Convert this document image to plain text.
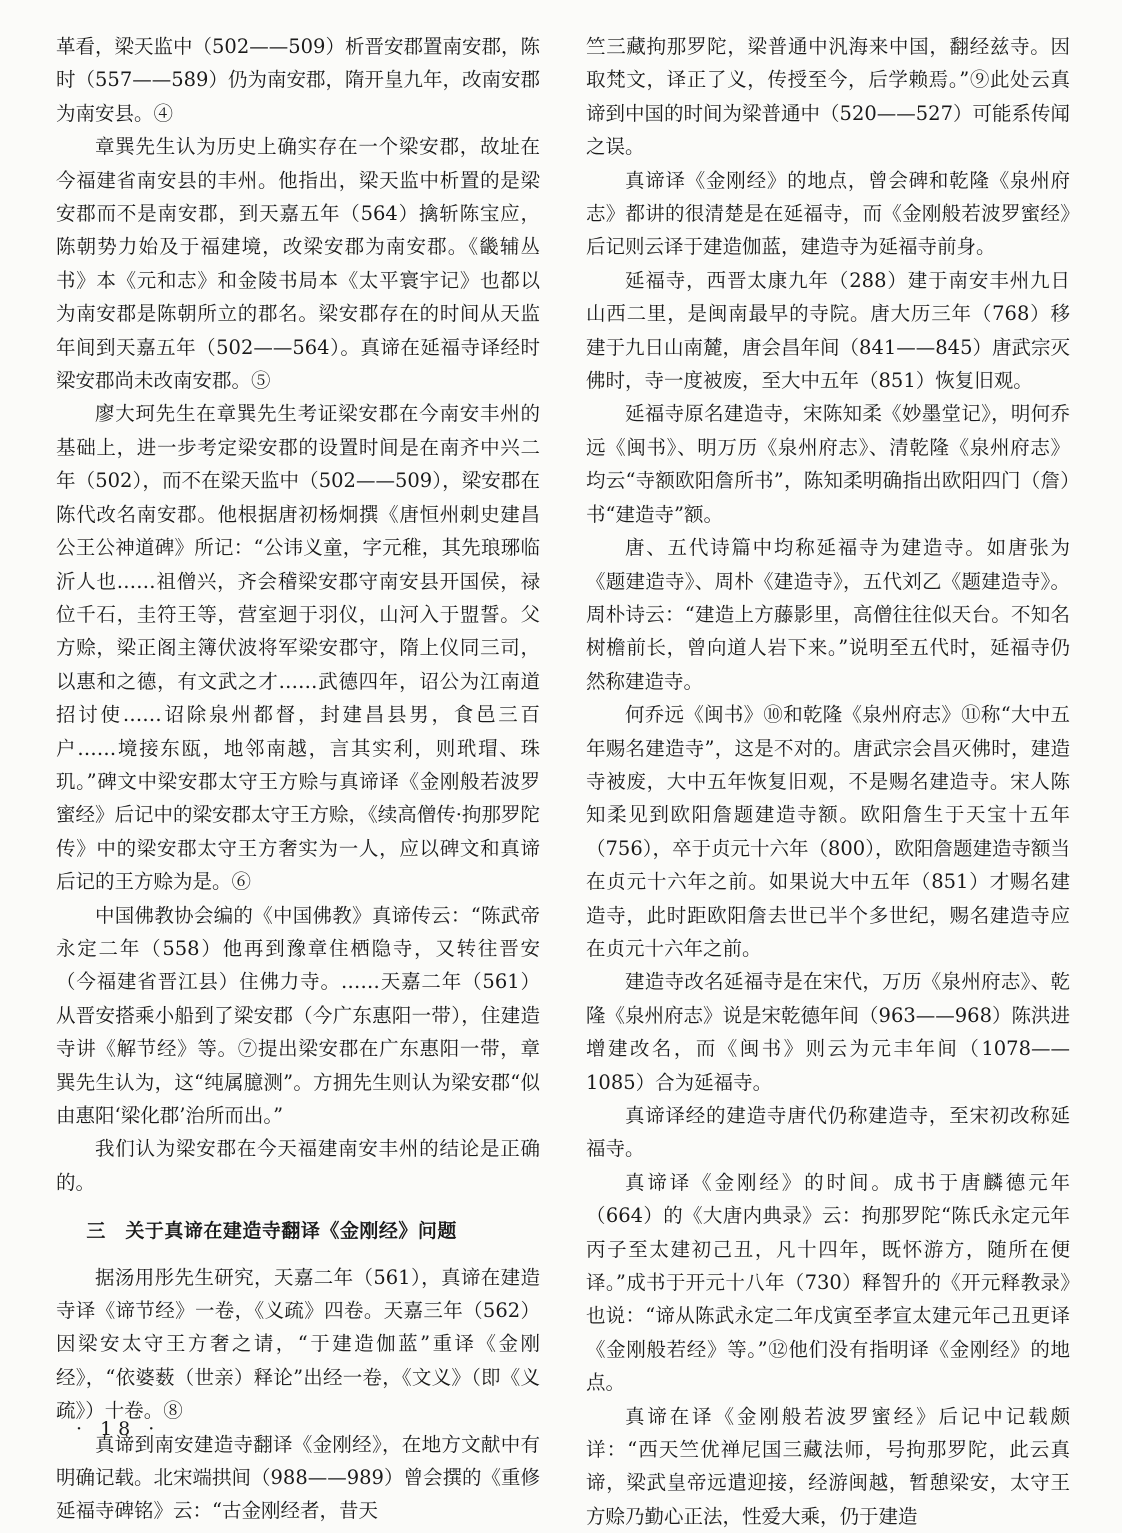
革看，梁天监中（502——509）析晋安郡置南安郡，陈时（557——589）仍为南安郡，隋开皇九年，改南安郡为南安县。④

章巽先生认为历史上确实存在一个梁安郡，故址在今福建省南安县的丰州。他指出，梁天监中析置的是梁安郡而不是南安郡，到天嘉五年（564）擒斩陈宝应，陈朝势力始及于福建境，改梁安郡为南安郡。《畿辅丛书》本《元和志》和金陵书局本《太平寰宇记》也都以为南安郡是陈朝所立的郡名。梁安郡存在的时间从天监年间到天嘉五年（502——564）。真谛在延福寺译经时梁安郡尚未改南安郡。⑤

廖大珂先生在章巽先生考证梁安郡在今南安丰州的基础上，进一步考定梁安郡的设置时间是在南齐中兴二年（502），而不在梁天监中（502——509），梁安郡在陈代改名南安郡。他根据唐初杨炯撰《唐恒州刺史建昌公王公神道碑》所记：“公讳义童，字元稚，其先琅琊临沂人也……祖僧兴，齐会稽梁安郡守南安县开国侯，禄位千石，圭符王等，营室迴于羽仪，山河入于盟誓。父方赊，梁正阁主簿伏波将军梁安郡守，隋上仪同三司，以惠和之德，有文武之才……武德四年，诏公为江南道招讨使……诏除泉州都督，封建昌县男，食邑三百户……境接东瓯，地邻南越，言其实利，则玳瑁、珠玑。”碑文中梁安郡太守王方赊与真谛译《金刚般若波罗蜜经》后记中的梁安郡太守王方赊，《续高僧传·拘那罗陀传》中的梁安郡太守王方奢实为一人，应以碑文和真谛后记的王方赊为是。⑥

中国佛教协会编的《中国佛教》真谛传云：“陈武帝永定二年（558）他再到豫章住栖隐寺，又转往晋安（今福建省晋江县）住佛力寺。……天嘉二年（561）从晋安搭乘小船到了梁安郡（今广东惠阳一带），住建造寺讲《解节经》等。⑦提出梁安郡在广东惠阳一带，章巽先生认为，这“纯属臆测”。方拥先生则认为梁安郡“似由惠阳‘梁化郡’治所而出。”

我们认为梁安郡在今天福建南安丰州的结论是正确的。

三　关于真谛在建造寺翻译《金刚经》问题

据汤用彤先生研究，天嘉二年（561），真谛在建造寺译《谛节经》一卷，《义疏》四卷。天嘉三年（562）因梁安太守王方奢之请，“于建造伽蓝”重译《金刚经》，“依婆薮（世亲）释论”出经一卷，《文义》（即《义疏》）十卷。⑧

真谛到南安建造寺翻译《金刚经》，在地方文献中有明确记载。北宋端拱间（988——989）曾会撰的《重修延福寺碑铭》云：“古金刚经者，昔天

竺三藏拘那罗陀，梁普通中汎海来中国，翻经兹寺。因取梵文，译正了义，传授至今，后学赖焉。”⑨此处云真谛到中国的时间为梁普通中（520——527）可能系传闻之误。

真谛译《金刚经》的地点，曾会碑和乾隆《泉州府志》都讲的很清楚是在延福寺，而《金刚般若波罗蜜经》后记则云译于建造伽蓝，建造寺为延福寺前身。

延福寺，西晋太康九年（288）建于南安丰州九日山西二里，是闽南最早的寺院。唐大历三年（768）移建于九日山南麓，唐会昌年间（841——845）唐武宗灭佛时，寺一度被废，至大中五年（851）恢复旧观。

延福寺原名建造寺，宋陈知柔《妙墨堂记》，明何乔远《闽书》、明万历《泉州府志》、清乾隆《泉州府志》均云“寺额欧阳詹所书”，陈知柔明确指出欧阳四门（詹）书“建造寺”额。

唐、五代诗篇中均称延福寺为建造寺。如唐张为《题建造寺》、周朴《建造寺》，五代刘乙《题建造寺》。周朴诗云：“建造上方藤影里，高僧往往似天台。不知名树檐前长，曾向道人岩下来。”说明至五代时，延福寺仍然称建造寺。

何乔远《闽书》⑩和乾隆《泉州府志》⑪称“大中五年赐名建造寺”，这是不对的。唐武宗会昌灭佛时，建造寺被废，大中五年恢复旧观，不是赐名建造寺。宋人陈知柔见到欧阳詹题建造寺额。欧阳詹生于天宝十五年（756），卒于贞元十六年（800），欧阳詹题建造寺额当在贞元十六年之前。如果说大中五年（851）才赐名建造寺，此时距欧阳詹去世已半个多世纪，赐名建造寺应在贞元十六年之前。

建造寺改名延福寺是在宋代，万历《泉州府志》、乾隆《泉州府志》说是宋乾德年间（963——968）陈洪进增建改名，而《闽书》则云为元丰年间（1078——1085）合为延福寺。

真谛译经的建造寺唐代仍称建造寺，至宋初改称延福寺。

真谛译《金刚经》的时间。成书于唐麟德元年（664）的《大唐内典录》云：拘那罗陀“陈氏永定元年丙子至太建初己丑，凡十四年，既怀游方，随所在便译。”成书于开元十八年（730）释智升的《开元释教录》也说：“谛从陈武永定二年戊寅至孝宣太建元年己丑更译《金刚般若经》等。”⑫他们没有指明译《金刚经》的地点。

真谛在译《金刚般若波罗蜜经》后记中记载颇详：“西天竺优禅尼国三藏法师，号拘那罗陀，此云真谛，梁武皇帝远遣迎接，经游闽越，暂憩梁安，太守王方赊乃勤心正法，性爱大乘，仍于建造

· 18 ·
